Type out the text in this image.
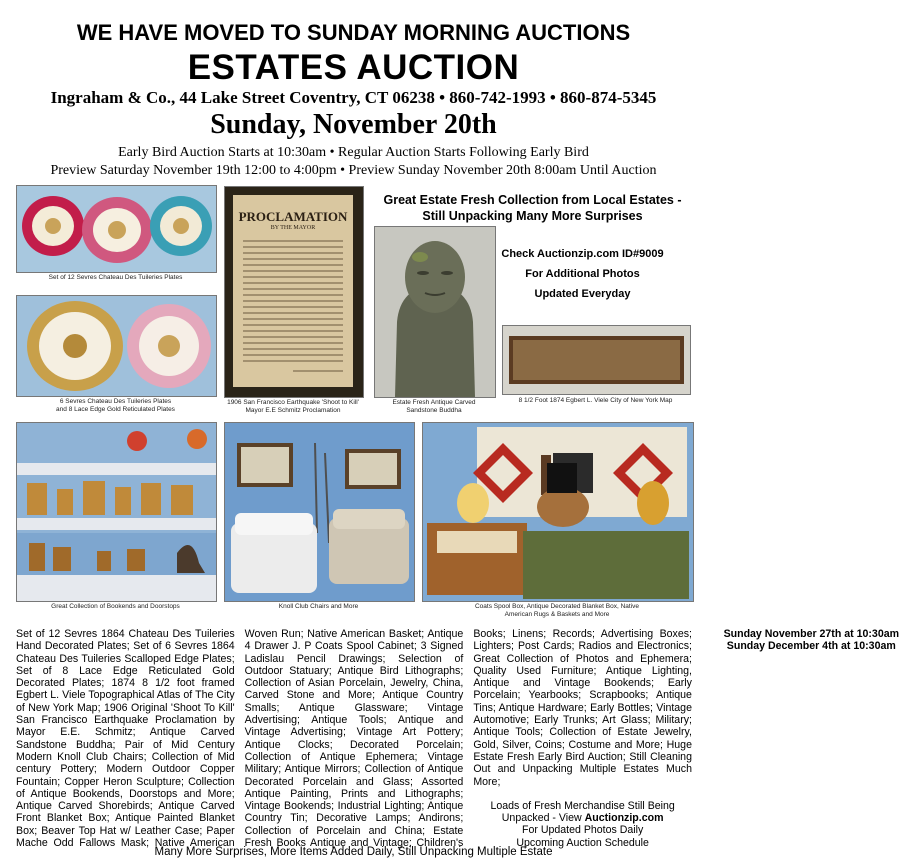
WE HAVE MOVED TO SUNDAY MORNING AUCTIONS
ESTATES AUCTION
Ingraham & Co., 44 Lake Street Coventry, CT 06238 • 860-742-1993 • 860-874-5345
Sunday, November 20th
Early Bird Auction Starts at 10:30am • Regular Auction Starts Following Early Bird
Preview Saturday November 19th 12:00 to 4:00pm • Preview Sunday November 20th 8:00am Until Auction
Set of 12 Sevres Chateau Des Tuileries Plates
6 Sevres Chateau Des Tuileries Plates
and 8 Lace Edge Gold Reticulated Plates
PROCLAMATION
BY THE MAYOR
1906 San Francisco Earthquake 'Shoot to Kill'
Mayor E.E Schmitz Proclamation
Great Estate Fresh Collection from Local Estates -
Still Unpacking Many More Surprises
Check Auctionzip.com ID#9009
For Additional Photos
Updated Everyday
Estate Fresh Antique Carved
Sandstone Buddha
8 1/2 Foot 1874 Egbert L. Viele City of New York Map
Great Collection of Bookends and Doorstops	Knoll Club Chairs and More	Coats Spool Box, Antique Decorated Blanket Box, Native
American Rugs & Baskets and More
Set of 12 Sevres 1864 Chateau Des Tuileries Hand Decorated Plates; Set of 6 Sevres 1864 Chateau Des Tuileries Scalloped Edge Plates; Set of 8 Lace Edge Reticulated Gold Decorated Plates; 1874 8 1/2 foot framed Egbert L. Viele Topographical Atlas of The City of New York Map; 1906 Original 'Shoot To Kill' San Francisco Earthquake Proclamation by Mayor E.E. Schmitz; Antique Carved Sandstone Buddha; Pair of Mid Century Modern Knoll Club Chairs; Collection of Mid century Pottery; Modern Outdoor Copper Fountain; Copper Heron Sculpture; Collection of Antique Bookends, Doorstops and More; Antique Carved Shorebirds; Antique Carved Front Blanket Box; Antique Painted Blanket Box; Beaver Top Hat w/ Leather Case; Paper Mache Odd Fallows Mask; Native American Woven Run; Native American Basket; Antique 4 Drawer J. P Coats Spool Cabinet; 3 Signed Ladislau Pencil Drawings; Selection of Outdoor Statuary; Antique Bird Lithographs; Collection of Asian Porcelain, Jewelry, China, Carved Stone and More; Antique Country Smalls; Antique Glassware; Vintage Advertising; Antique Tools; Antique and Vintage Advertising; Vintage Art Pottery; Antique Clocks; Decorated Porcelain; Collection of Antique Ephemera; Vintage Military; Antique Mirrors; Collection of Antique Decorated Porcelain and Glass; Assorted Antique Painting, Prints and Lithographs; Vintage Bookends; Industrial Lighting; Antique Country Tin; Decorative Lamps; Andirons; Collection of Porcelain and China; Estate Fresh Books Antique and Vintage; Children's Books; Linens; Records; Advertising Boxes; Lighters; Post Cards; Radios and Electronics; Great Collection of Photos and Ephemera; Quality Used Furniture; Antique Lighting, Antique and Vintage Bookends; Early Porcelain; Yearbooks; Scrapbooks; Antique Tins; Antique Hardware; Early Bottles; Vintage Automotive; Early Trunks; Art Glass; Military; Antique Tools; Collection of Estate Jewelry, Gold, Silver, Coins; Costume and More; Huge Estate Fresh Early Bird Auction; Still Cleaning Out and Unpacking Multiple Estates Much More;
Loads of Fresh Merchandise Still Being
Unpacked - View Auctionzip.com
For Updated Photos Daily
Upcoming Auction Schedule
Sunday November 27th at 10:30am
Sunday December 4th at 10:30am
Many More Surprises, More Items Added Daily, Still Unpacking Multiple Estate
